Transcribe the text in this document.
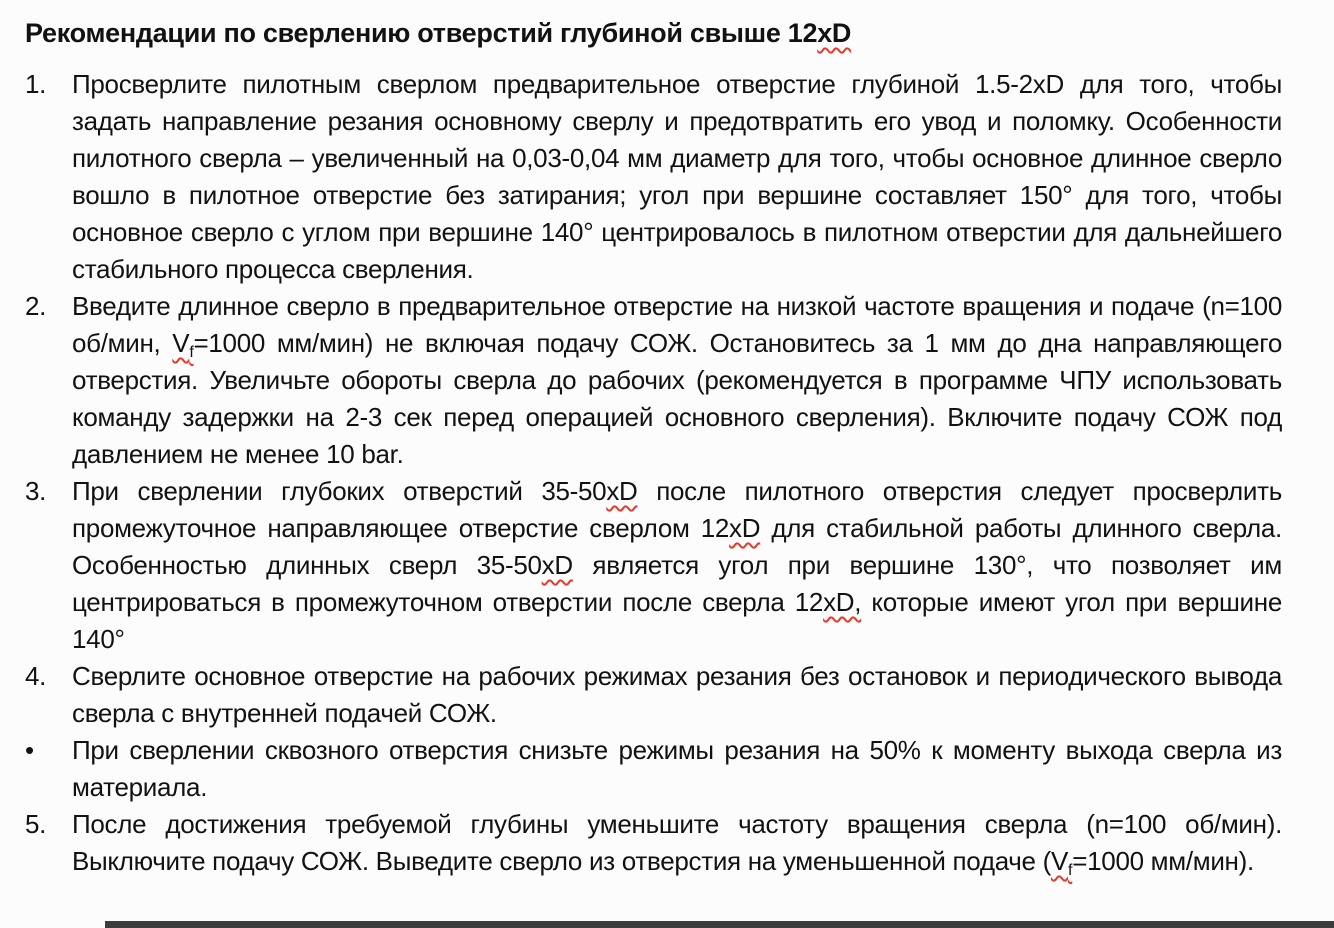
Рекомендации по сверлению отверстий глубиной свыше 12xD
1. Просверлите пилотным сверлом предварительное отверстие глубиной 1.5-2xD для того, чтобы задать направление резания основному сверлу и предотвратить его увод и поломку. Особенности пилотного сверла – увеличенный на 0,03-0,04 мм диаметр для того, чтобы основное длинное сверло вошло в пилотное отверстие без затирания; угол при вершине составляет 150° для того, чтобы основное сверло с углом при вершине 140° центрировалось в пилотном отверстии для дальнейшего стабильного процесса сверления.
2. Введите длинное сверло в предварительное отверстие на низкой частоте вращения и подаче (n=100 об/мин, Vf=1000 мм/мин) не включая подачу СОЖ. Остановитесь за 1 мм до дна направляющего отверстия. Увеличьте обороты сверла до рабочих (рекомендуется в программе ЧПУ использовать команду задержки на 2-3 сек перед операцией основного сверления). Включите подачу СОЖ под давлением не менее 10 bar.
3. При сверлении глубоких отверстий 35-50xD после пилотного отверстия следует просверлить промежуточное направляющее отверстие сверлом 12xD для стабильной работы длинного сверла. Особенностью длинных сверл 35-50xD является угол при вершине 130°, что позволяет им центрироваться в промежуточном отверстии после сверла 12xD, которые имеют угол при вершине 140°
4. Сверлите основное отверстие на рабочих режимах резания без остановок и периодического вывода сверла с внутренней подачей СОЖ.
•	При сверлении сквозного отверстия снизьте режимы резания на 50% к моменту выхода сверла из материала.
5. После достижения требуемой глубины уменьшите частоту вращения сверла (n=100 об/мин). Выключите подачу СОЖ. Выведите сверло из отверстия на уменьшенной подаче (Vf=1000 мм/мин).
